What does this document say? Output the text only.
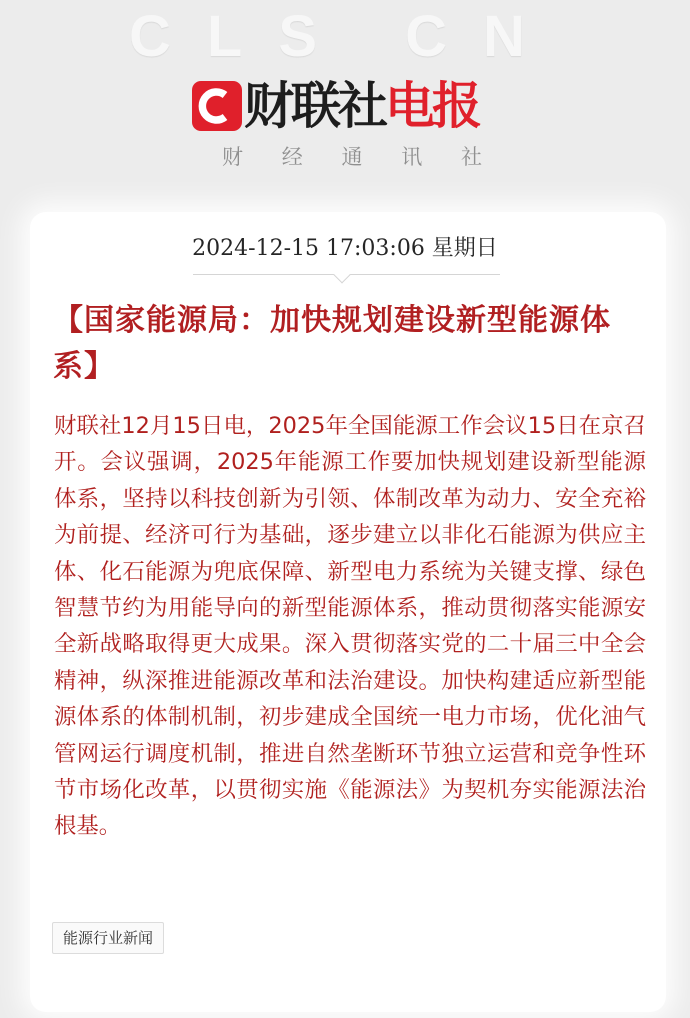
CLS CN
财联社电报
财 经 通 讯 社
2024-12-15 17:03:06 星期日
【国家能源局：加快规划建设新型能源体系】
财联社12月15日电，2025年全国能源工作会议15日在京召开。会议强调，2025年能源工作要加快规划建设新型能源体系，坚持以科技创新为引领、体制改革为动力、安全充裕为前提、经济可行为基础，逐步建立以非化石能源为供应主体、化石能源为兜底保障、新型电力系统为关键支撑、绿色智慧节约为用能导向的新型能源体系，推动贯彻落实能源安全新战略取得更大成果。深入贯彻落实党的二十届三中全会精神，纵深推进能源改革和法治建设。加快构建适应新型能源体系的体制机制，初步建成全国统一电力市场，优化油气管网运行调度机制，推进自然垄断环节独立运营和竞争性环节市场化改革，以贯彻实施《能源法》为契机夯实能源法治根基。
能源行业新闻
